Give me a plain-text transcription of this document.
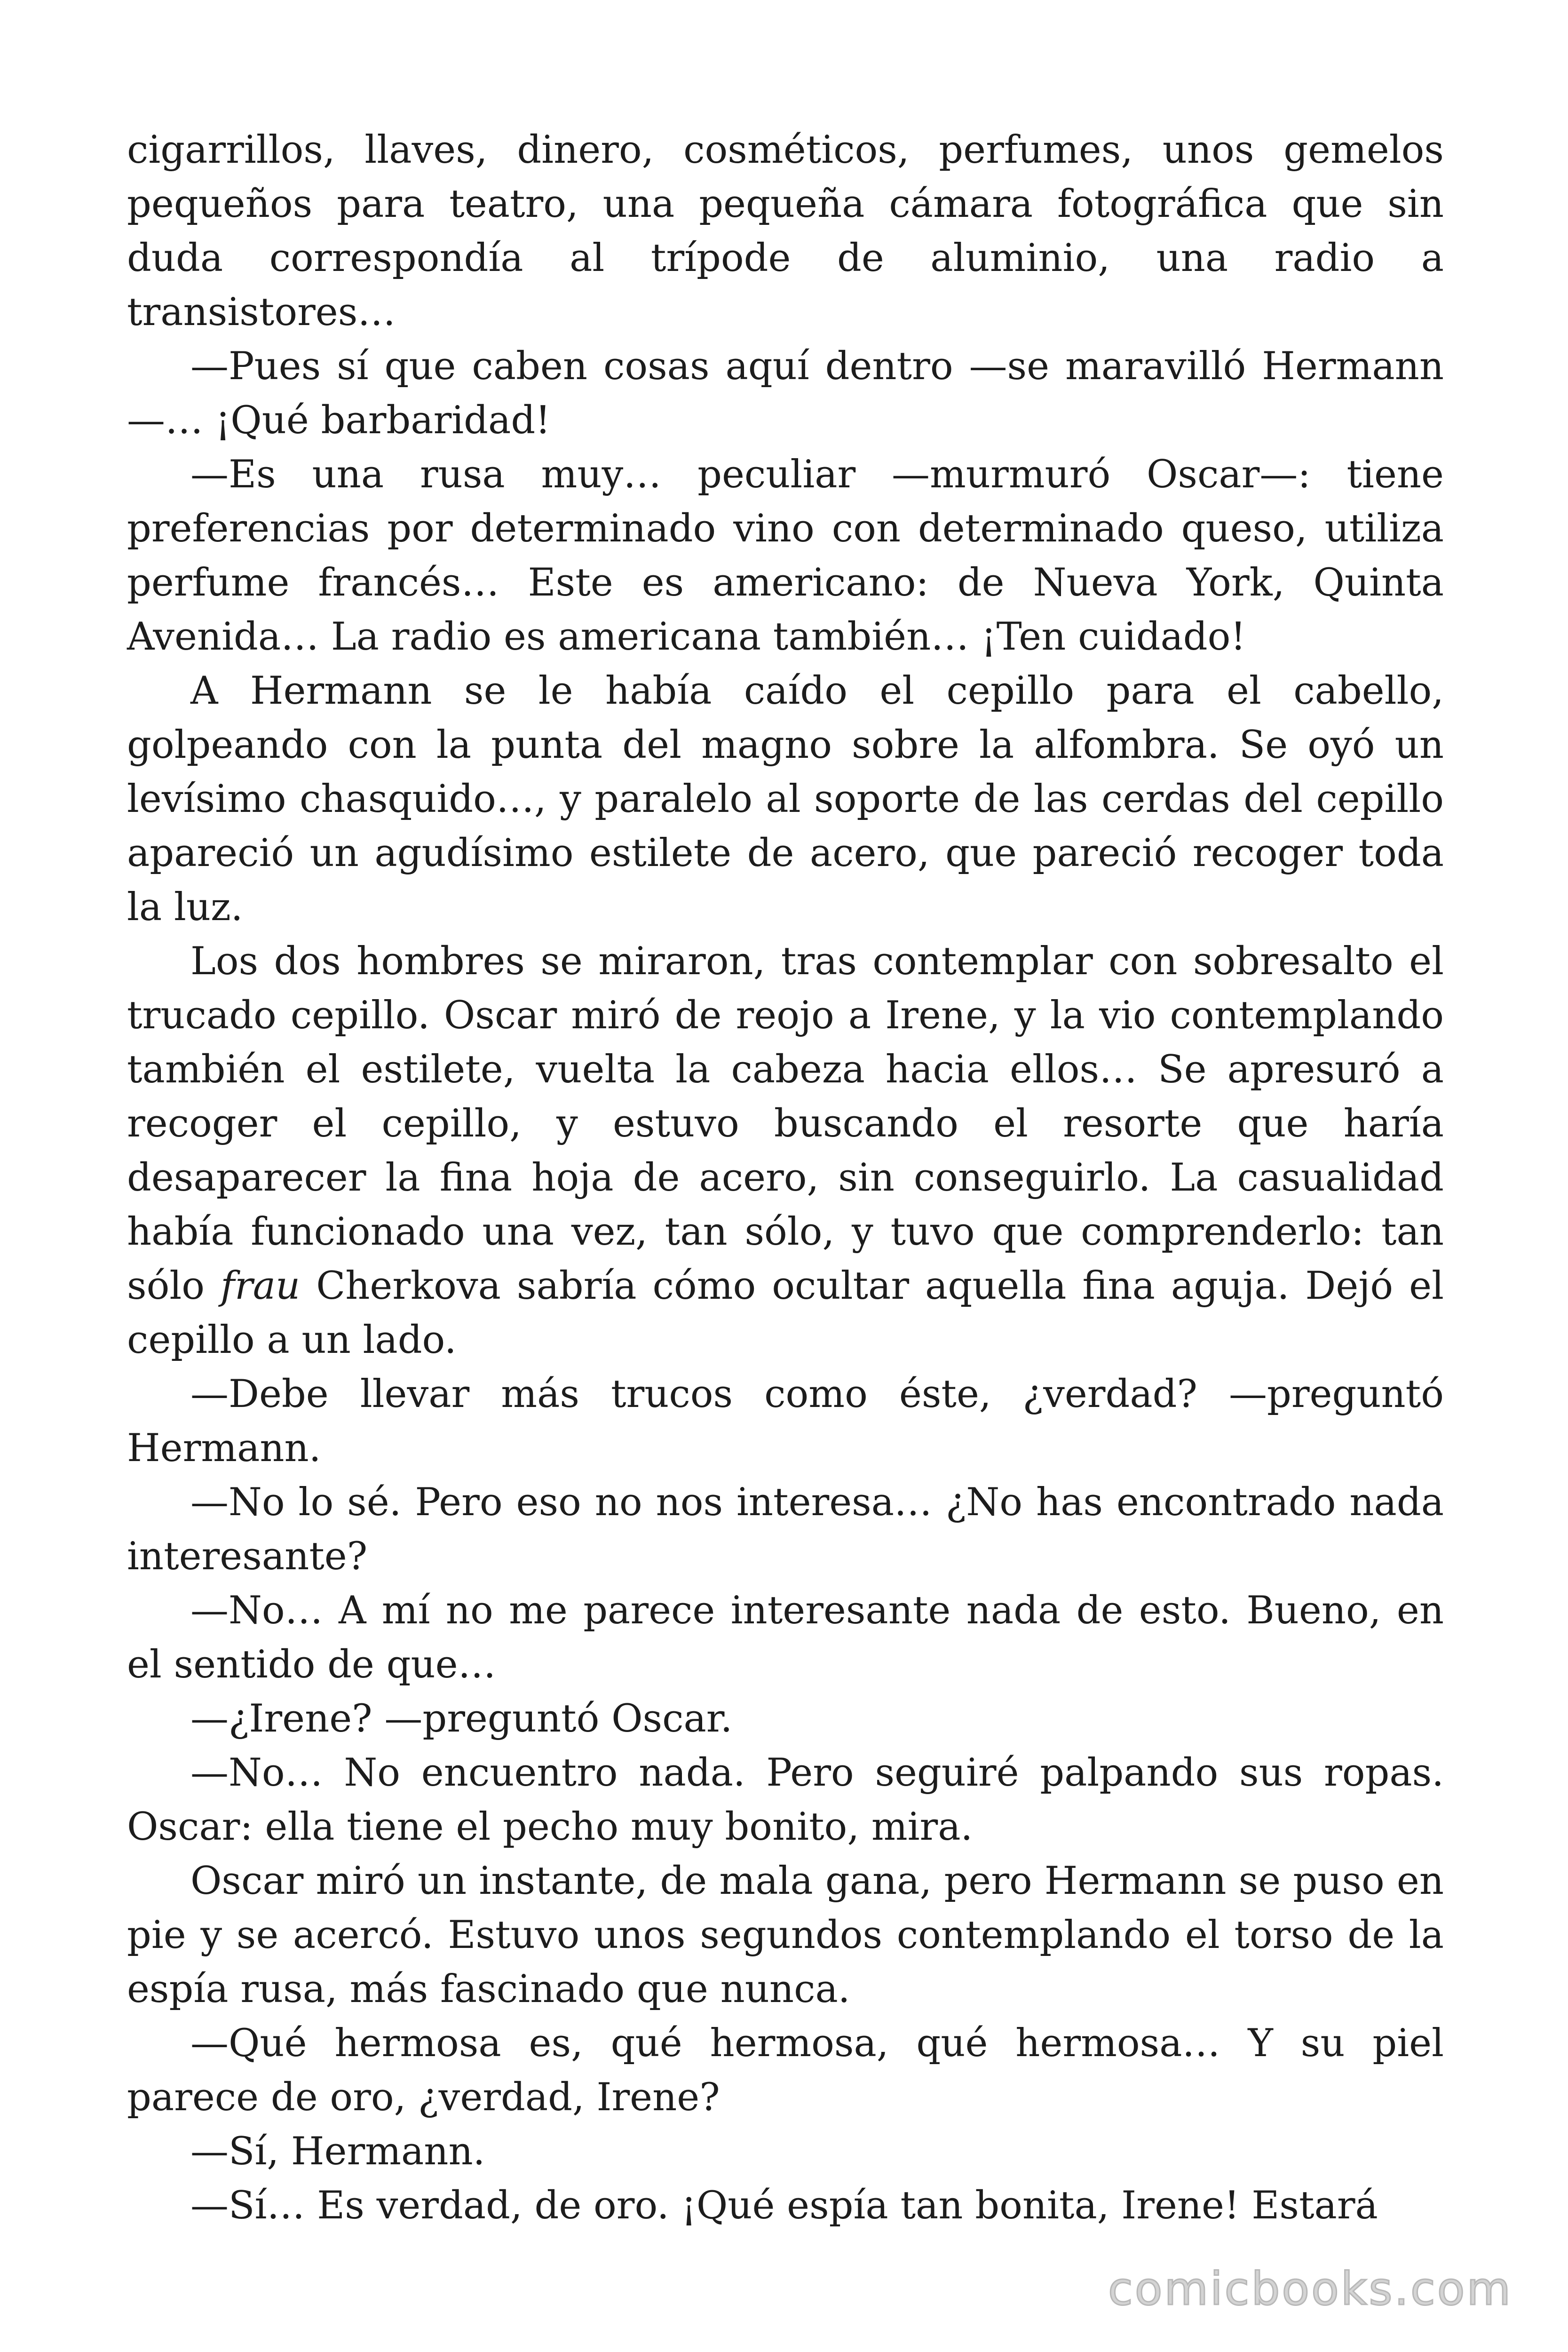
cigarrillos, llaves, dinero, cosméticos, perfumes, unos gemelos pequeños para teatro, una pequeña cámara fotográfica que sin duda correspondía al trípode de aluminio, una radio a transistores…

—Pues sí que caben cosas aquí dentro —se maravilló Hermann —… ¡Qué barbaridad!

—Es una rusa muy… peculiar —murmuró Oscar—: tiene preferencias por determinado vino con determinado queso, utiliza perfume francés… Este es americano: de Nueva York, Quinta Avenida… La radio es americana también… ¡Ten cuidado!

A Hermann se le había caído el cepillo para el cabello, golpeando con la punta del magno sobre la alfombra. Se oyó un levísimo chasquido…, y paralelo al soporte de las cerdas del cepillo apareció un agudísimo estilete de acero, que pareció recoger toda la luz.

Los dos hombres se miraron, tras contemplar con sobresalto el trucado cepillo. Oscar miró de reojo a Irene, y la vio contemplando también el estilete, vuelta la cabeza hacia ellos… Se apresuró a recoger el cepillo, y estuvo buscando el resorte que haría desaparecer la fina hoja de acero, sin conseguirlo. La casualidad había funcionado una vez, tan sólo, y tuvo que comprenderlo: tan sólo frau Cherkova sabría cómo ocultar aquella fina aguja. Dejó el cepillo a un lado.

—Debe llevar más trucos como éste, ¿verdad? —preguntó Hermann.

—No lo sé. Pero eso no nos interesa… ¿No has encontrado nada interesante?

—No… A mí no me parece interesante nada de esto. Bueno, en el sentido de que…

—¿Irene? —preguntó Oscar.

—No… No encuentro nada. Pero seguiré palpando sus ropas. Oscar: ella tiene el pecho muy bonito, mira.

Oscar miró un instante, de mala gana, pero Hermann se puso en pie y se acercó. Estuvo unos segundos contemplando el torso de la espía rusa, más fascinado que nunca.

—Qué hermosa es, qué hermosa, qué hermosa… Y su piel parece de oro, ¿verdad, Irene?

—Sí, Hermann.

—Sí… Es verdad, de oro. ¡Qué espía tan bonita, Irene! Estará

comicbooks.com
